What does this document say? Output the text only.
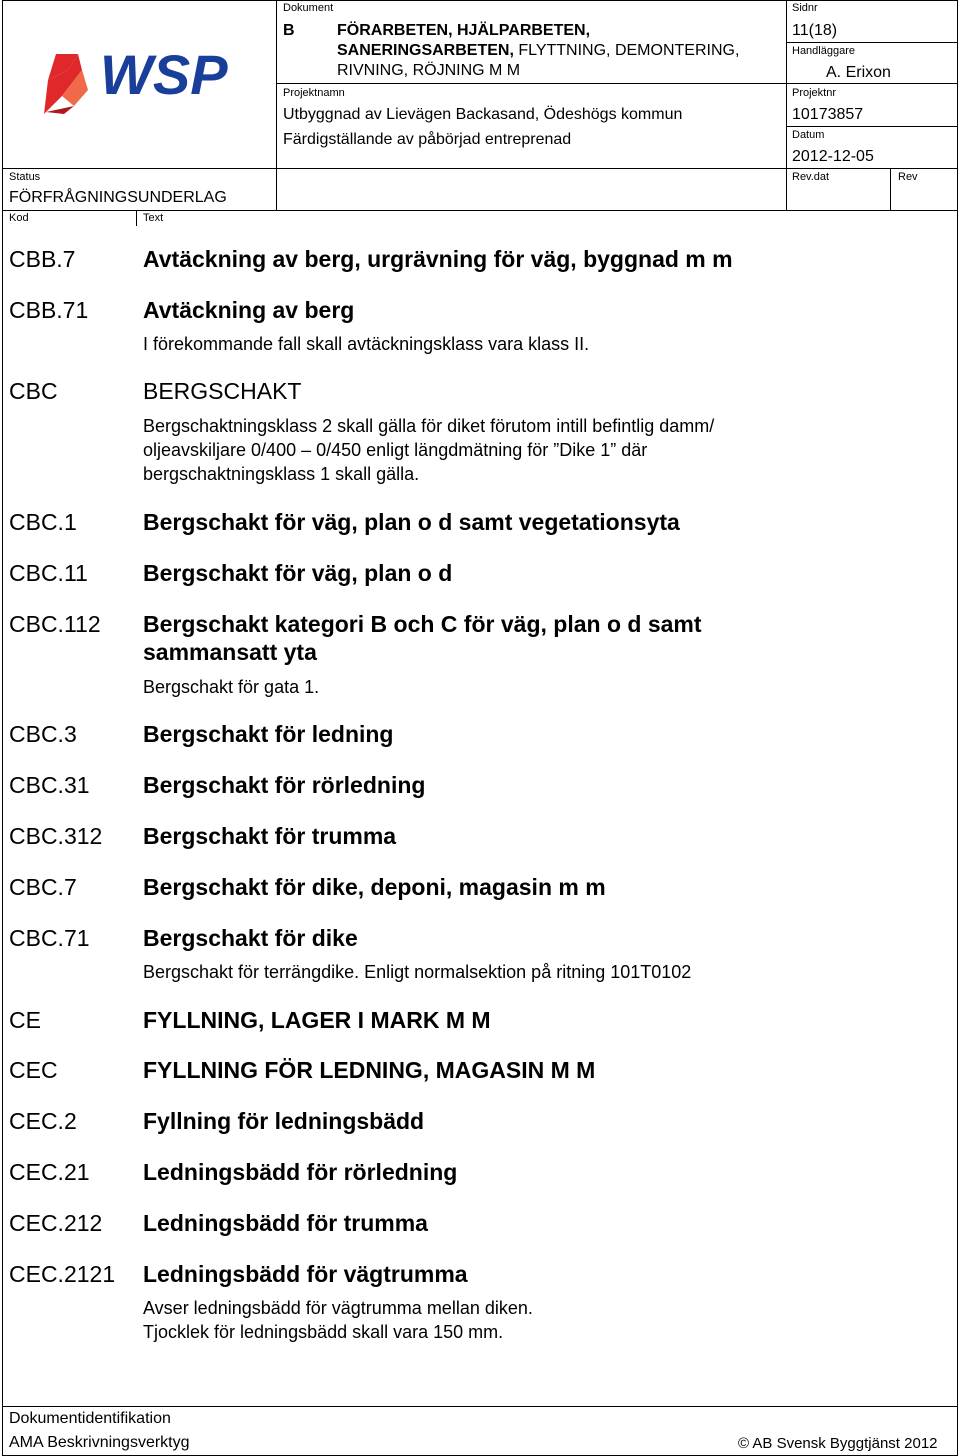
WSP
Dokument
B	FÖRARBETEN, HJÄLPARBETEN,
SANERINGSARBETEN, FLYTTNING, DEMONTERING,
RIVNING, RÖJNING M M
Projektnamn
Utbyggnad av Lievägen Backasand, Ödeshögs kommun
Färdigställande av påbörjad entreprenad
Sidnr
11(18)
Handläggare
A. Erixon
Projektnr
10173857
Datum
2012-12-05
Status
FÖRFRÅGNINGSUNDERLAG
Rev.dat	Rev
Kod	Text
CBB.7	Avtäckning av berg, urgrävning för väg, byggnad m m
CBB.71 Avtäckning av berg
I förekommande fall skall avtäckningsklass vara klass II.
CBC	BERGSCHAKT
Bergschaktningsklass 2 skall gälla för diket förutom intill befintlig damm/
oljeavskiljare 0/400 – 0/450 enligt längdmätning för ”Dike 1” där
bergschaktningsklass 1 skall gälla.
CBC.1	Bergschakt för väg, plan o d samt vegetationsyta
CBC.11 Bergschakt för väg, plan o d
CBC.112 Bergschakt kategori B och C för väg, plan o d samt
sammansatt yta
Bergschakt för gata 1.
CBC.3	Bergschakt för ledning
CBC.31 Bergschakt för rörledning
CBC.312 Bergschakt för trumma
CBC.7	Bergschakt för dike, deponi, magasin m m
CBC.71 Bergschakt för dike
Bergschakt för terrängdike. Enligt normalsektion på ritning 101T0102
CE	FYLLNING, LAGER I MARK M M
CEC	FYLLNING FÖR LEDNING, MAGASIN M M
CEC.2	Fyllning för ledningsbädd
CEC.21 Ledningsbädd för rörledning
CEC.212 Ledningsbädd för trumma
CEC.2121 Ledningsbädd för vägtrumma
Avser ledningsbädd för vägtrumma mellan diken.
Tjocklek för ledningsbädd skall vara 150 mm.
Dokumentidentifikation
AMA Beskrivningsverktyg	© AB Svensk Byggtjänst 2012
